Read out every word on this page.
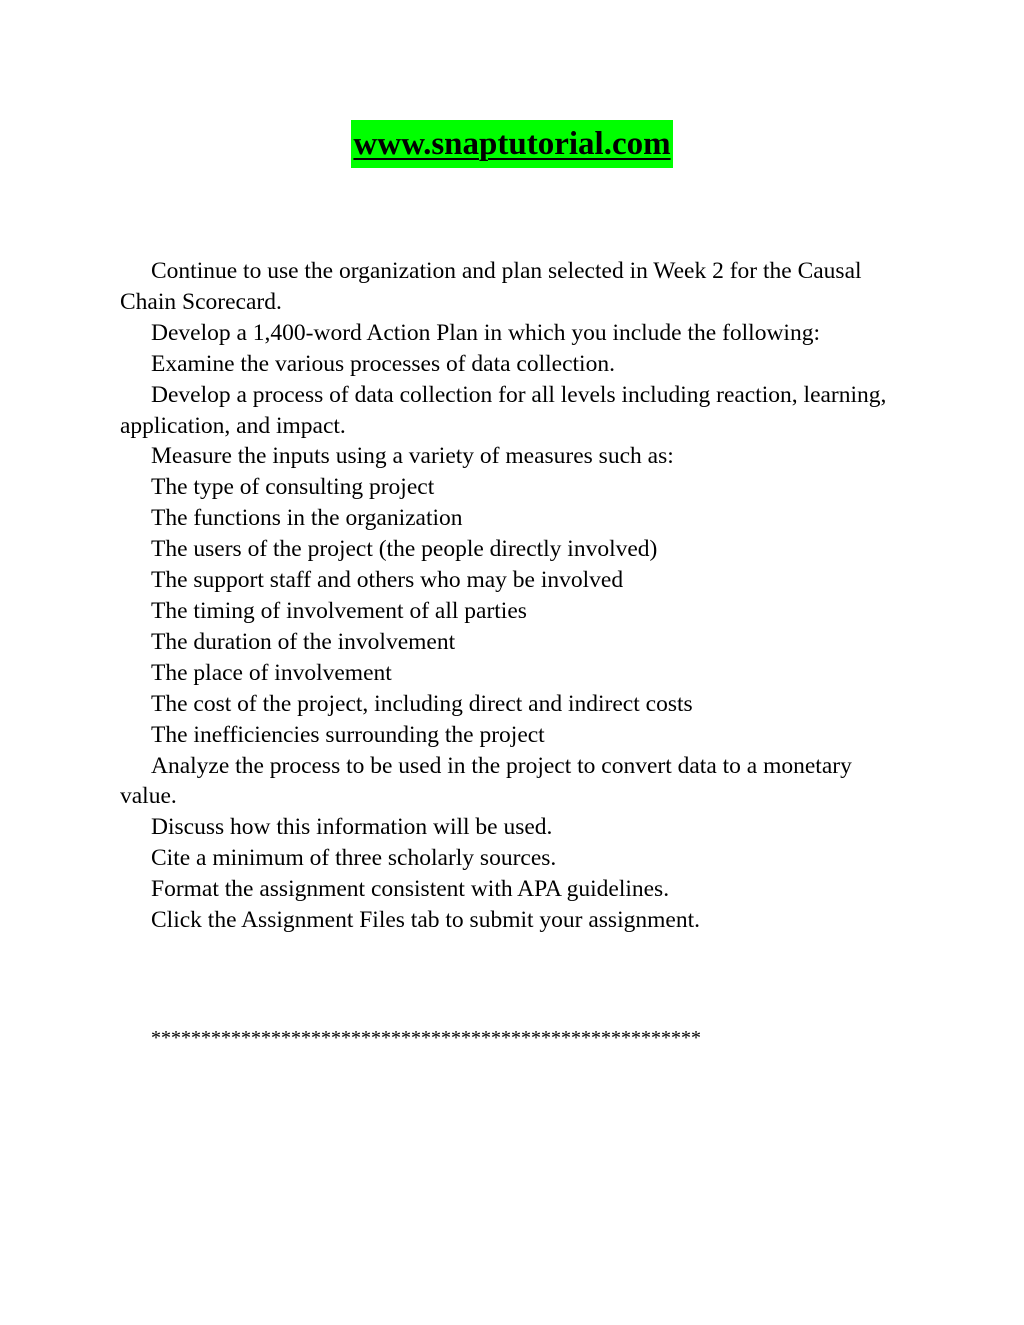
www.snaptutorial.com

Continue to use the organization and plan selected in Week 2 for the Causal Chain Scorecard.

Develop a 1,400-word Action Plan in which you include the following:

Examine the various processes of data collection.

Develop a process of data collection for all levels including reaction, learning, application, and impact.

Measure the inputs using a variety of measures such as:

The type of consulting project

The functions in the organization

The users of the project (the people directly involved)

The support staff and others who may be involved

The timing of involvement of all parties

The duration of the involvement

The place of involvement

The cost of the project, including direct and indirect costs

The inefficiencies surrounding the project

Analyze the process to be used in the project to convert data to a monetary value.

Discuss how this information will be used.

Cite a minimum of three scholarly sources.

Format the assignment consistent with APA guidelines.

Click the Assignment Files tab to submit your assignment.

*******************************************************
